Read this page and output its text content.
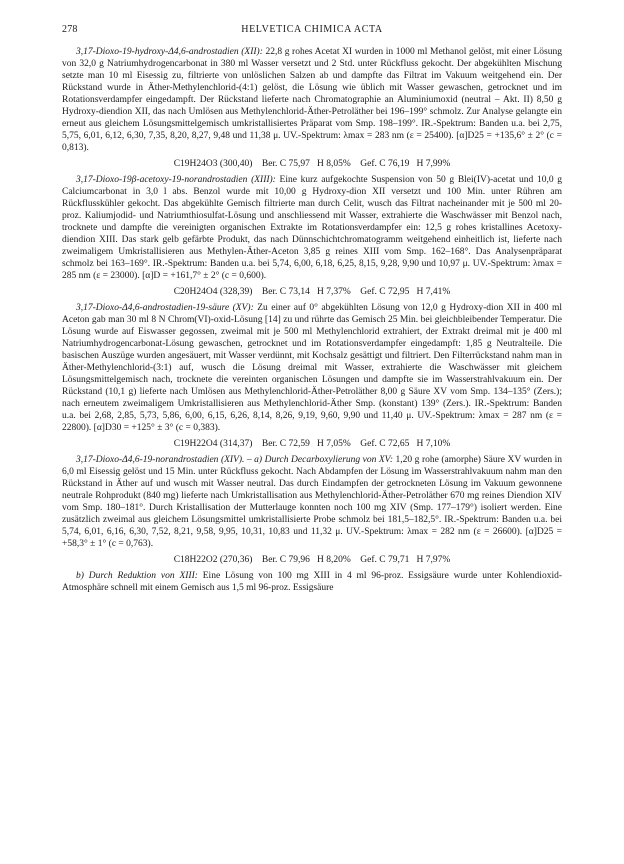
278	HELVETICA CHIMICA ACTA

3,17-Dioxo-19-hydroxy-Δ4,6-androstadien (XII): 22,8 g rohes Acetat XI wurden in 1000 ml Methanol gelöst, mit einer Lösung von 32,0 g Natriumhydrogencarbonat in 380 ml Wasser versetzt und 2 Std. unter Rückfluss gekocht. Der abgekühlten Mischung setzte man 10 ml Eisessig zu, filtrierte von unlöslichen Salzen ab und dampfte das Filtrat im Vakuum weitgehend ein. Der Rückstand wurde in Äther-Methylenchlorid-(4:1) gelöst, die Lösung wie üblich mit Wasser gewaschen, getrocknet und im Rotationsverdampfer eingedampft. Der Rückstand lieferte nach Chromatographie an Aluminiumoxid (neutral – Akt. II) 8,50 g Hydroxy-diendion XII, das nach Umlösen aus Methylenchlorid-Äther-Petroläther bei 196–199° schmolz. Zur Analyse gelangte ein erneut aus gleichem Lösungsmittelgemisch umkristallisiertes Präparat vom Smp. 198–199°. IR.-Spektrum: Banden u.a. bei 2,75, 5,75, 6,01, 6,12, 6,30, 7,35, 8,20, 8,27, 9,48 und 11,38 μ. UV.-Spektrum: λmax = 283 nm (ε = 25400). [α]D25 = +135,6° ± 2° (c = 0,813).

C19H24O3 (300,40)    Ber. C 75,97   H 8,05%    Gef. C 76,19   H 7,99%

3,17-Dioxo-19β-acetoxy-19-norandrostadien (XIII): Eine kurz aufgekochte Suspension von 50 g Blei(IV)-acetat und 10,0 g Calciumcarbonat in 3,0 l abs. Benzol wurde mit 10,00 g Hydroxy-dion XII versetzt und 100 Min. unter Rühren am Rückflusskühler gekocht. Das abgekühlte Gemisch filtrierte man durch Celit, wusch das Filtrat nacheinander mit je 500 ml 20-proz. Kaliumjodid- und Natriumthiosulfat-Lösung und anschliessend mit Wasser, extrahierte die Waschwässer mit Benzol nach, trocknete und dampfte die vereinigten organischen Extrakte im Rotationsverdampfer ein: 12,5 g rohes kristallines Acetoxy-diendion XIII. Das stark gelb gefärbte Produkt, das nach Dünnschichtchromatogramm weitgehend einheitlich ist, lieferte nach zweimaligem Umkristallisieren aus Methylen-Äther-Aceton 3,85 g reines XIII vom Smp. 162–168°. Das Analysenpräparat schmolz bei 163–169°. IR.-Spektrum: Banden u.a. bei 5,74, 6,00, 6,18, 6,25, 8,15, 9,28, 9,90 und 10,97 μ. UV.-Spektrum: λmax = 285 nm (ε = 23000). [α]D = +161,7° ± 2° (c = 0,600).

C20H24O4 (328,39)    Ber. C 73,14   H 7,37%    Gef. C 72,95   H 7,41%

3,17-Dioxo-Δ4,6-androstadien-19-säure (XV): Zu einer auf 0° abgekühlten Lösung von 12,0 g Hydroxy-dion XII in 400 ml Aceton gab man 30 ml 8 N Chrom(VI)-oxid-Lösung [14] zu und rührte das Gemisch 25 Min. bei gleichbleibender Temperatur. Die Lösung wurde auf Eiswasser gegossen, zweimal mit je 500 ml Methylenchlorid extrahiert, der Extrakt dreimal mit je 400 ml Natriumhydrogencarbonat-Lösung gewaschen, getrocknet und im Rotationsverdampfer eingedampft: 1,85 g Neutralteile. Die basischen Auszüge wurden angesäuert, mit Wasser verdünnt, mit Kochsalz gesättigt und filtriert. Den Filterrückstand nahm man in Äther-Methylenchlorid-(3:1) auf, wusch die Lösung dreimal mit Wasser, extrahierte die Waschwässer mit gleichem Lösungsmittelgemisch nach, trocknete die vereinten organischen Lösungen und dampfte sie im Wasserstrahlvakuum ein. Der Rückstand (10,1 g) lieferte nach Umlösen aus Methylenchlorid-Äther-Petroläther 8,00 g Säure XV vom Smp. 134–135° (Zers.); nach erneutem zweimaligem Umkristallisieren aus Methylenchlorid-Äther Smp. (konstant) 139° (Zers.). IR.-Spektrum: Banden u.a. bei 2,68, 2,85, 5,73, 5,86, 6,00, 6,15, 6,26, 8,14, 8,26, 9,19, 9,60, 9,90 und 11,40 μ. UV.-Spektrum: λmax = 287 nm (ε = 22800). [α]D30 = +125° ± 3° (c = 0,383).

C19H22O4 (314,37)    Ber. C 72,59   H 7,05%    Gef. C 72,65   H 7,10%

3,17-Dioxo-Δ4,6-19-norandrostadien (XIV). – a) Durch Decarboxylierung von XV: 1,20 g rohe (amorphe) Säure XV wurden in 6,0 ml Eisessig gelöst und 15 Min. unter Rückfluss gekocht. Nach Abdampfen der Lösung im Wasserstrahlvakuum nahm man den Rückstand in Äther auf und wusch mit Wasser neutral. Das durch Eindampfen der getrockneten Lösung im Vakuum gewonnene neutrale Rohprodukt (840 mg) lieferte nach Umkristallisation aus Methylenchlorid-Äther-Petroläther 670 mg reines Diendion XIV vom Smp. 180–181°. Durch Kristallisation der Mutterlauge konnten noch 100 mg XIV (Smp. 177–179°) isoliert werden. Eine zusätzlich zweimal aus gleichem Lösungsmittel umkristallisierte Probe schmolz bei 181,5–182,5°. IR.-Spektrum: Banden u.a. bei 5,74, 6,01, 6,16, 6,30, 7,52, 8,21, 9,58, 9,95, 10,31, 10,83 und 11,32 μ. UV.-Spektrum: λmax = 282 nm (ε = 26600). [α]D25 = +58,3° ± 1° (c = 0,763).

C18H22O2 (270,36)    Ber. C 79,96   H 8,20%    Gef. C 79,71   H 7,97%

b) Durch Reduktion von XIII: Eine Lösung von 100 mg XIII in 4 ml 96-proz. Essigsäure wurde unter Kohlendioxid-Atmosphäre schnell mit einem Gemisch aus 1,5 ml 96-proz. Essigsäure
